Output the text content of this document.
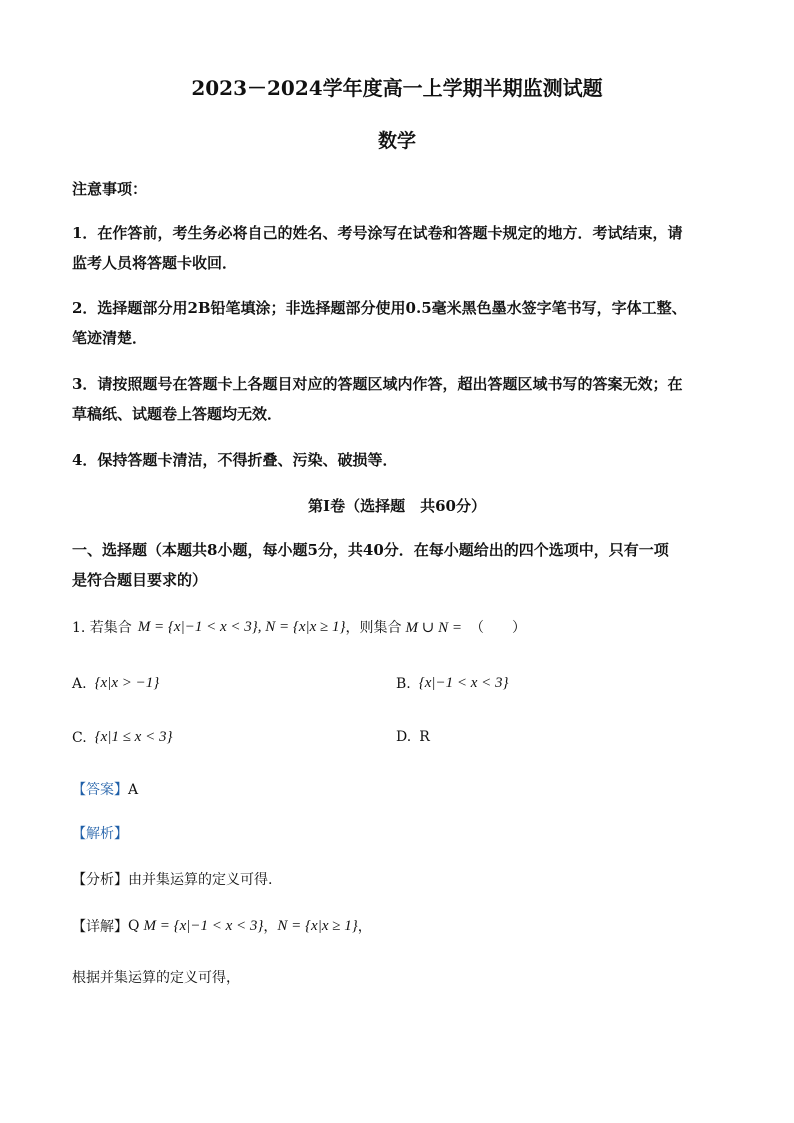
2023－2024学年度高一上学期半期监测试题
数学
注意事项：
1．在作答前，考生务必将自己的姓名、考号涂写在试卷和答题卡规定的地方．考试结束，请
监考人员将答题卡收回．
2．选择题部分用2B铅笔填涂；非选择题部分使用0.5毫米黑色墨水签字笔书写，字体工整、
笔迹清楚．
3．请按照题号在答题卡上各题目对应的答题区域内作答，超出答题区域书写的答案无效；在
草稿纸、试题卷上答题均无效．
4．保持答题卡清洁，不得折叠、污染、破损等．
第Ⅰ卷（选择题　共60分）
一、选择题（本题共8小题，每小题5分，共40分．在每小题给出的四个选项中，只有一项
是符合题目要求的）
1. 若集合 M = {x|−1 < x < 3} , N = {x|x ≥ 1} ，则集合 M ∪ N = （　　）
A. {x|x > −1}	B. {x|−1 < x < 3}
C. {x|1 ≤ x < 3}	D. R
【答案】A
【解析】
【分析】由并集运算的定义可得.
【详解】 Q M = {x|−1 < x < 3} ， N = {x|x ≥ 1} ，
根据并集运算的定义可得，
